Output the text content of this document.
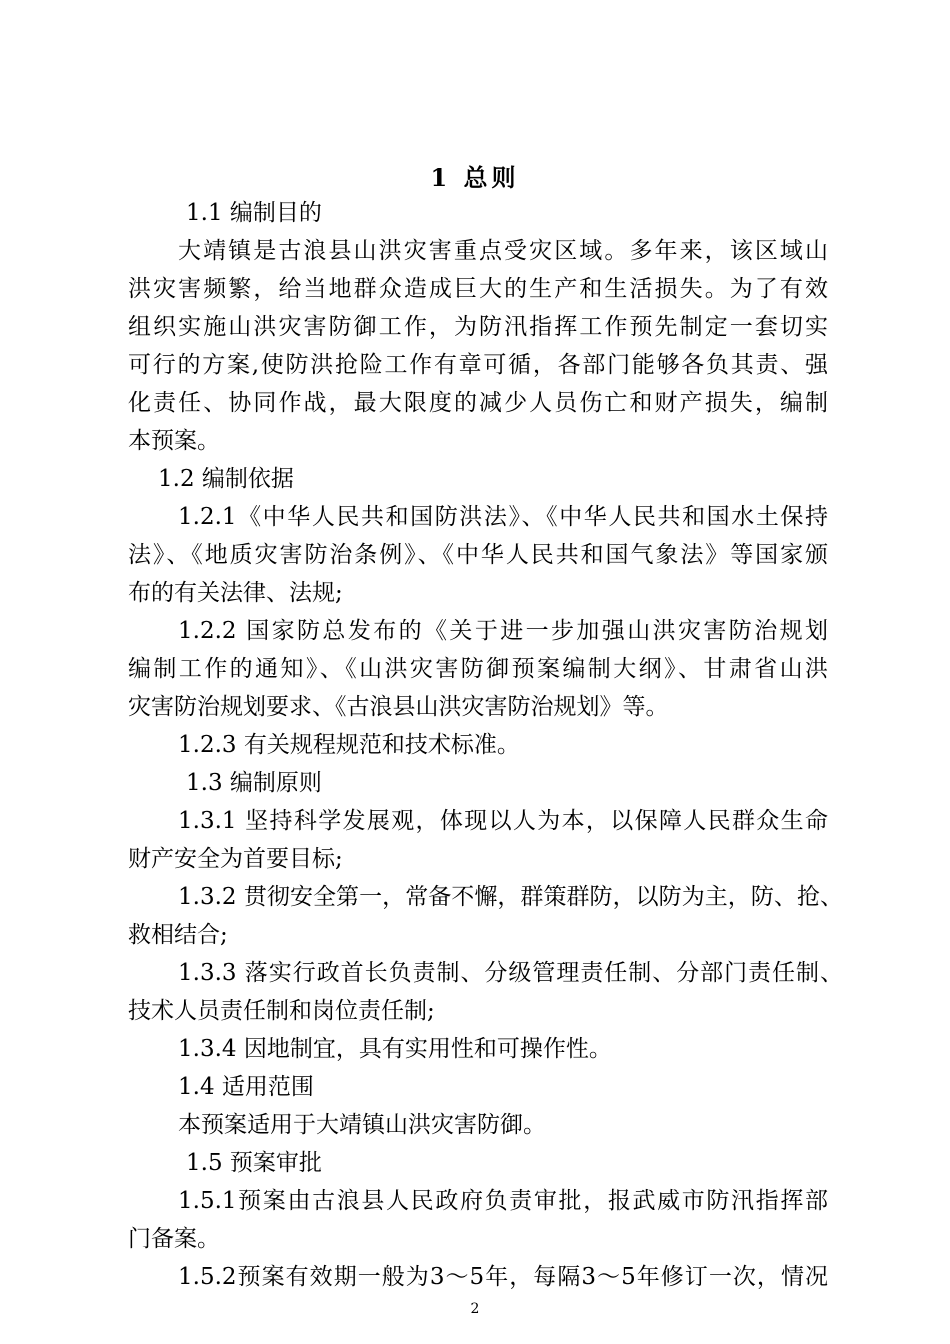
1 总则
1.1 编制目的
大靖镇是古浪县山洪灾害重点受灾区域。多年来，该区域山
洪灾害频繁，给当地群众造成巨大的生产和生活损失。为了有效
组织实施山洪灾害防御工作，为防汛指挥工作预先制定一套切实
可行的方案,使防洪抢险工作有章可循，各部门能够各负其责、强
化责任、协同作战，最大限度的减少人员伤亡和财产损失，编制
本预案。
1.2 编制依据
1.2.1《中华人民共和国防洪法》、《中华人民共和国水土保持
法》、《地质灾害防治条例》、《中华人民共和国气象法》等国家颁
布的有关法律、法规;
1.2.2 国家防总发布的《关于进一步加强山洪灾害防治规划
编制工作的通知》、《山洪灾害防御预案编制大纲》、甘肃省山洪
灾害防治规划要求、《古浪县山洪灾害防治规划》等。
1.2.3 有关规程规范和技术标准。
1.3 编制原则
1.3.1 坚持科学发展观，体现以人为本，以保障人民群众生命
财产安全为首要目标;
1.3.2 贯彻安全第一，常备不懈，群策群防，以防为主，防、抢、
救相结合;
1.3.3 落实行政首长负责制、分级管理责任制、分部门责任制、
技术人员责任制和岗位责任制;
1.3.4 因地制宜，具有实用性和可操作性。
1.4 适用范围
本预案适用于大靖镇山洪灾害防御。
1.5 预案审批
1.5.1预案由古浪县人民政府负责审批，报武威市防汛指挥部
门备案。
1.5.2预案有效期一般为3～5年，每隔3～5年修订一次，情况
2
